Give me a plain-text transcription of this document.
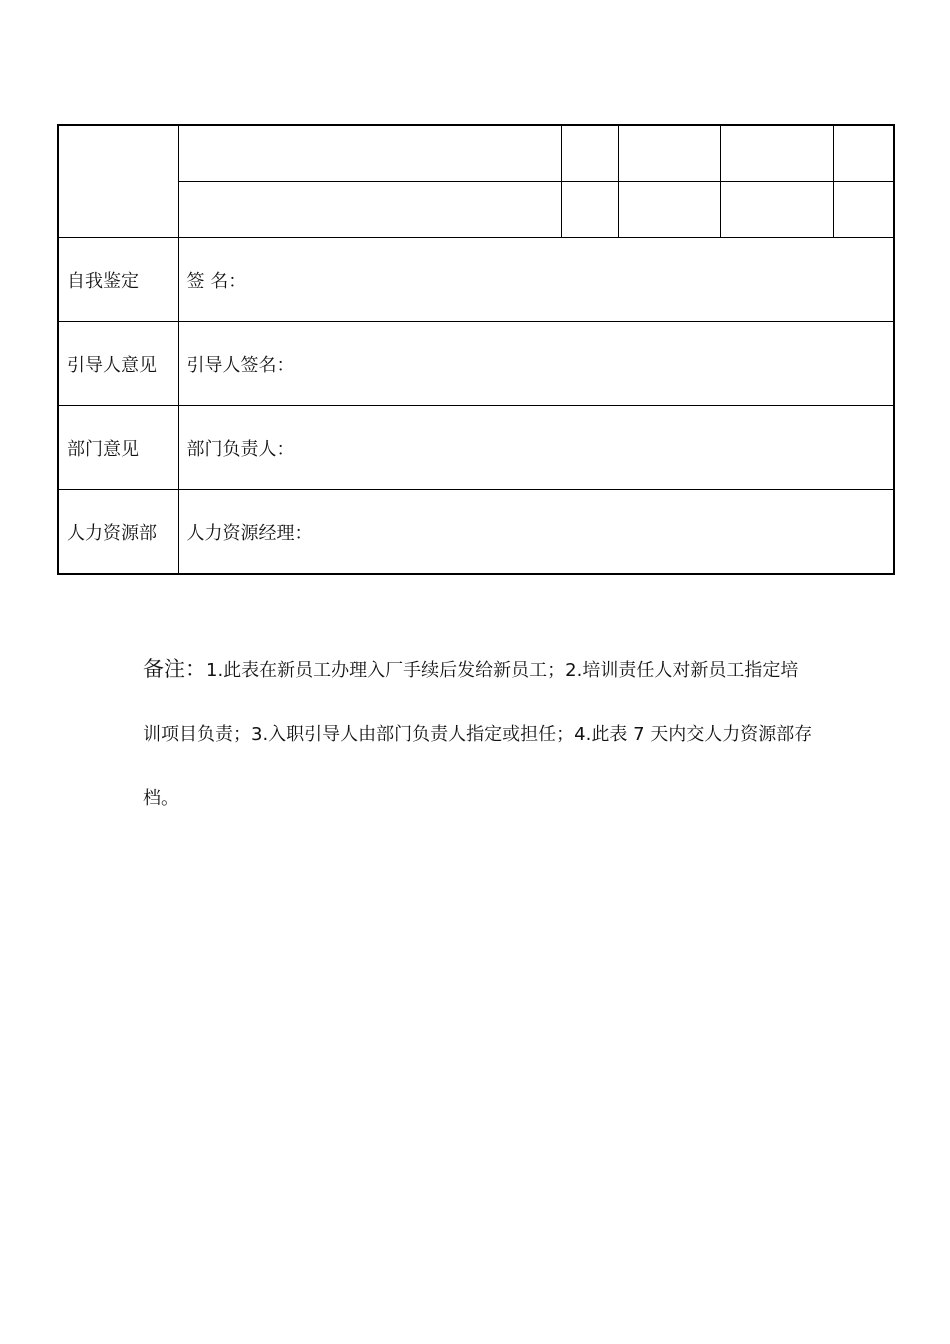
自我鉴定	签 名：				
引导人意见	引导人签名：				
部门意见	部门负责人：				
人力资源部	人力资源经理：				

备注：1.此表在新员工办理入厂手续后发给新员工；2.培训责任人对新员工指定培训项目负责；3.入职引导人由部门负责人指定或担任；4.此表 7 天内交人力资源部存档。
